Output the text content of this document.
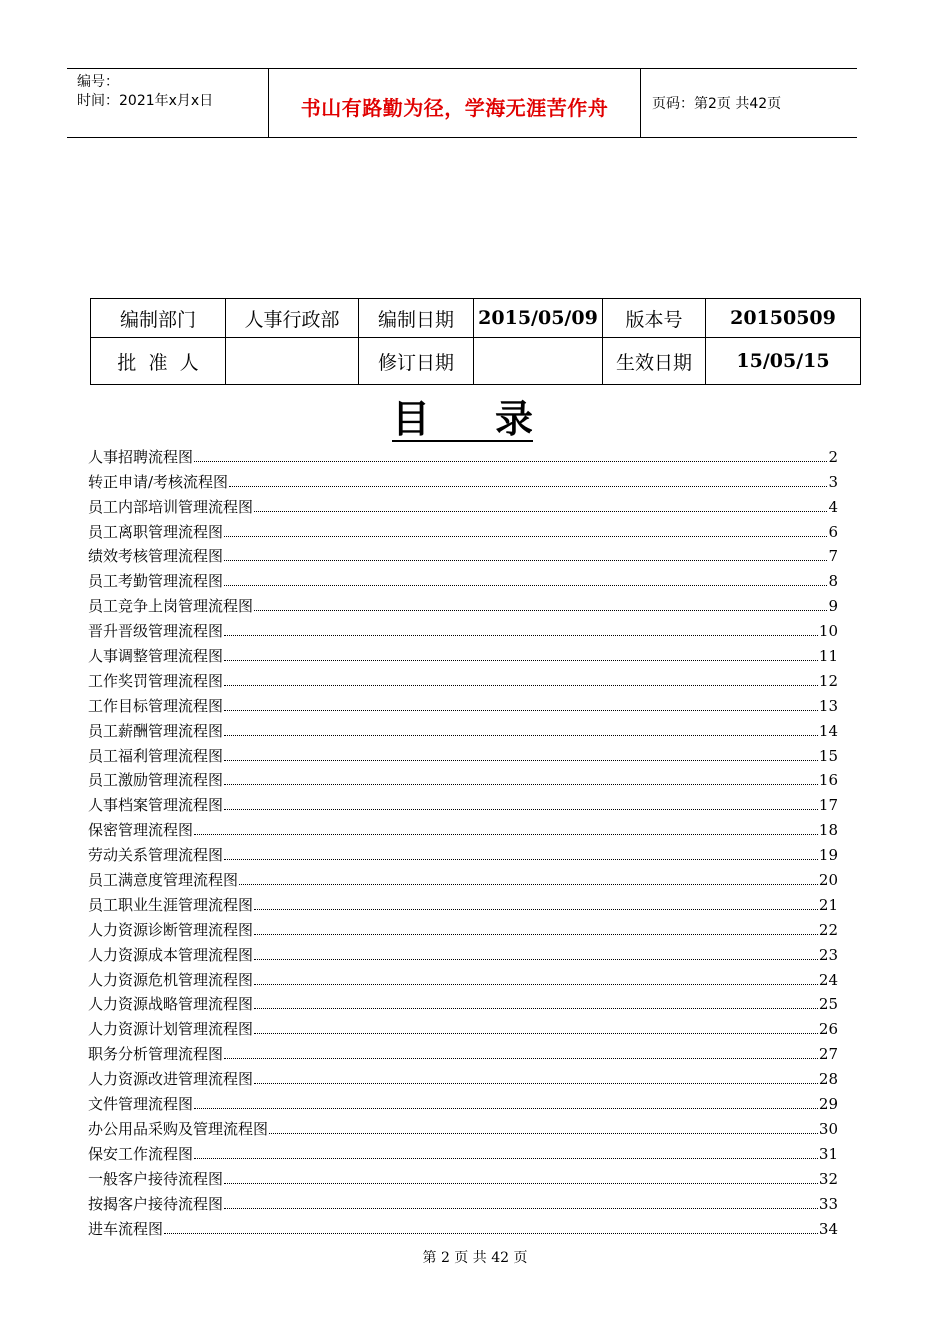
编号：
时间：2021年x月x日	书山有路勤为径，学海无涯苦作舟	页码：第2页 共42页
编制部门	人事行政部	编制日期	2015/05/09	版本号	20150509
批  准  人		修订日期		生效日期	15/05/15
目 录
人事招聘流程图	2
转正申请/考核流程图	3
员工内部培训管理流程图	4
员工离职管理流程图	6
绩效考核管理流程图	7
员工考勤管理流程图	8
员工竞争上岗管理流程图	9
晋升晋级管理流程图	10
人事调整管理流程图	11
工作奖罚管理流程图	12
工作目标管理流程图	13
员工薪酬管理流程图	14
员工福利管理流程图	15
员工激励管理流程图	16
人事档案管理流程图	17
保密管理流程图	18
劳动关系管理流程图	19
员工满意度管理流程图	20
员工职业生涯管理流程图	21
人力资源诊断管理流程图	22
人力资源成本管理流程图	23
人力资源危机管理流程图	24
人力资源战略管理流程图	25
人力资源计划管理流程图	26
职务分析管理流程图	27
人力资源改进管理流程图	28
文件管理流程图	29
办公用品采购及管理流程图	30
保安工作流程图	31
一般客户接待流程图	32
按揭客户接待流程图	33
进车流程图	34
第 2 页 共 42 页
